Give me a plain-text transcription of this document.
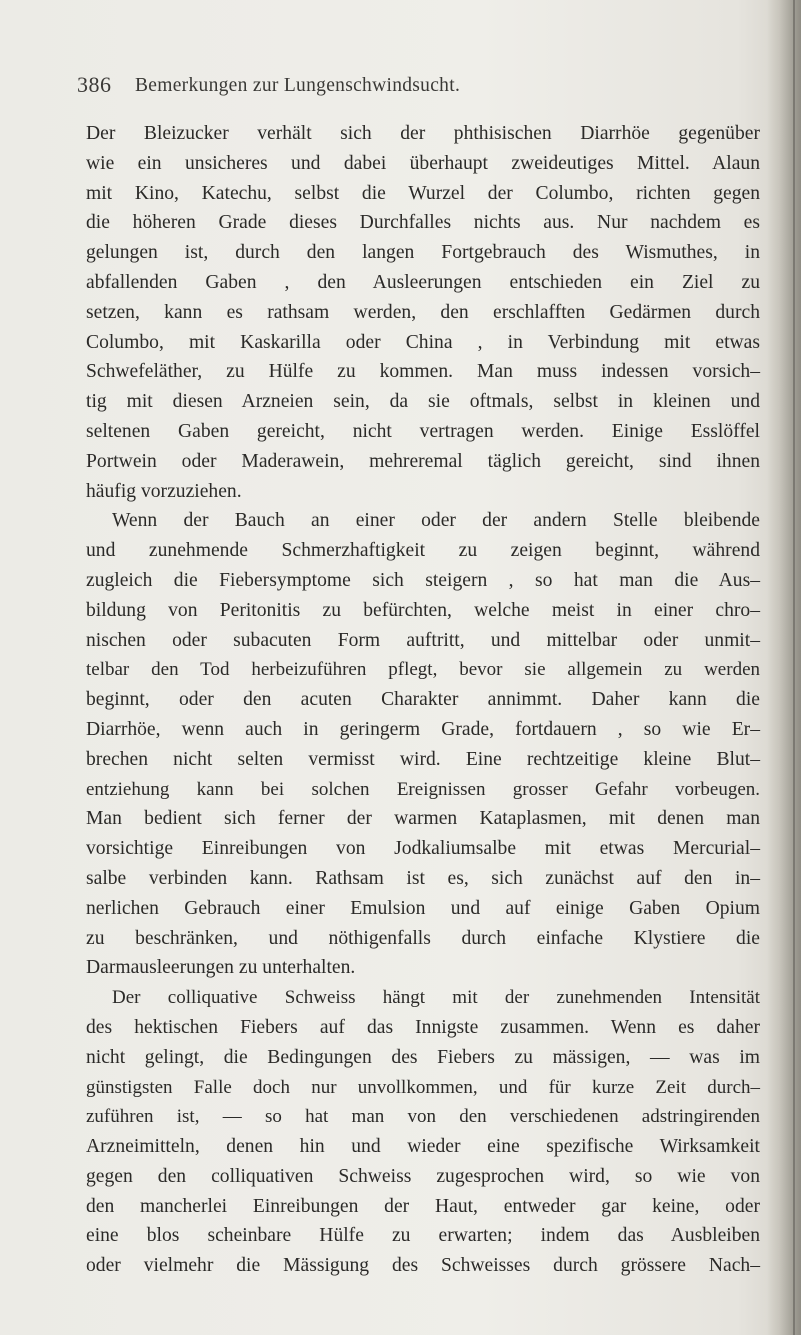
386 Bemerkungen zur Lungenschwindsucht.
Der Bleizucker verhält sich der phthisischen Diarrhöe gegenüber
wie ein unsicheres und dabei überhaupt zweideutiges Mittel. Alaun
mit Kino, Katechu, selbst die Wurzel der Columbo, richten gegen
die höheren Grade dieses Durchfalles nichts aus. Nur nachdem es
gelungen ist, durch den langen Fortgebrauch des Wismuthes, in
abfallenden Gaben , den Ausleerungen entschieden ein Ziel zu
setzen, kann es rathsam werden, den erschlafften Gedärmen durch
Columbo, mit Kaskarilla oder China , in Verbindung mit etwas
Schwefeläther, zu Hülfe zu kommen. Man muss indessen vorsich–
tig mit diesen Arzneien sein, da sie oftmals, selbst in kleinen und
seltenen Gaben gereicht, nicht vertragen werden. Einige Esslöffel
Portwein oder Maderawein, mehreremal täglich gereicht, sind ihnen
häufig vorzuziehen.
Wenn der Bauch an einer oder der andern Stelle bleibende
und zunehmende Schmerzhaftigkeit zu zeigen beginnt, während
zugleich die Fiebersymptome sich steigern , so hat man die Aus–
bildung von Peritonitis zu befürchten, welche meist in einer chro–
nischen oder subacuten Form auftritt, und mittelbar oder unmit–
telbar den Tod herbeizuführen pflegt, bevor sie allgemein zu werden
beginnt, oder den acuten Charakter annimmt. Daher kann die
Diarrhöe, wenn auch in geringerm Grade, fortdauern , so wie Er–
brechen nicht selten vermisst wird. Eine rechtzeitige kleine Blut–
entziehung kann bei solchen Ereignissen grosser Gefahr vorbeugen.
Man bedient sich ferner der warmen Kataplasmen, mit denen man
vorsichtige Einreibungen von Jodkaliumsalbe mit etwas Mercurial–
salbe verbinden kann. Rathsam ist es, sich zunächst auf den in–
nerlichen Gebrauch einer Emulsion und auf einige Gaben Opium
zu beschränken, und nöthigenfalls durch einfache Klystiere die
Darmausleerungen zu unterhalten.
Der colliquative Schweiss hängt mit der zunehmenden Intensität
des hektischen Fiebers auf das Innigste zusammen. Wenn es daher
nicht gelingt, die Bedingungen des Fiebers zu mässigen, — was im
günstigsten Falle doch nur unvollkommen, und für kurze Zeit durch–
zuführen ist, — so hat man von den verschiedenen adstringirenden
Arzneimitteln, denen hin und wieder eine spezifische Wirksamkeit
gegen den colliquativen Schweiss zugesprochen wird, so wie von
den mancherlei Einreibungen der Haut, entweder gar keine, oder
eine blos scheinbare Hülfe zu erwarten; indem das Ausbleiben
oder vielmehr die Mässigung des Schweisses durch grössere Nach–
